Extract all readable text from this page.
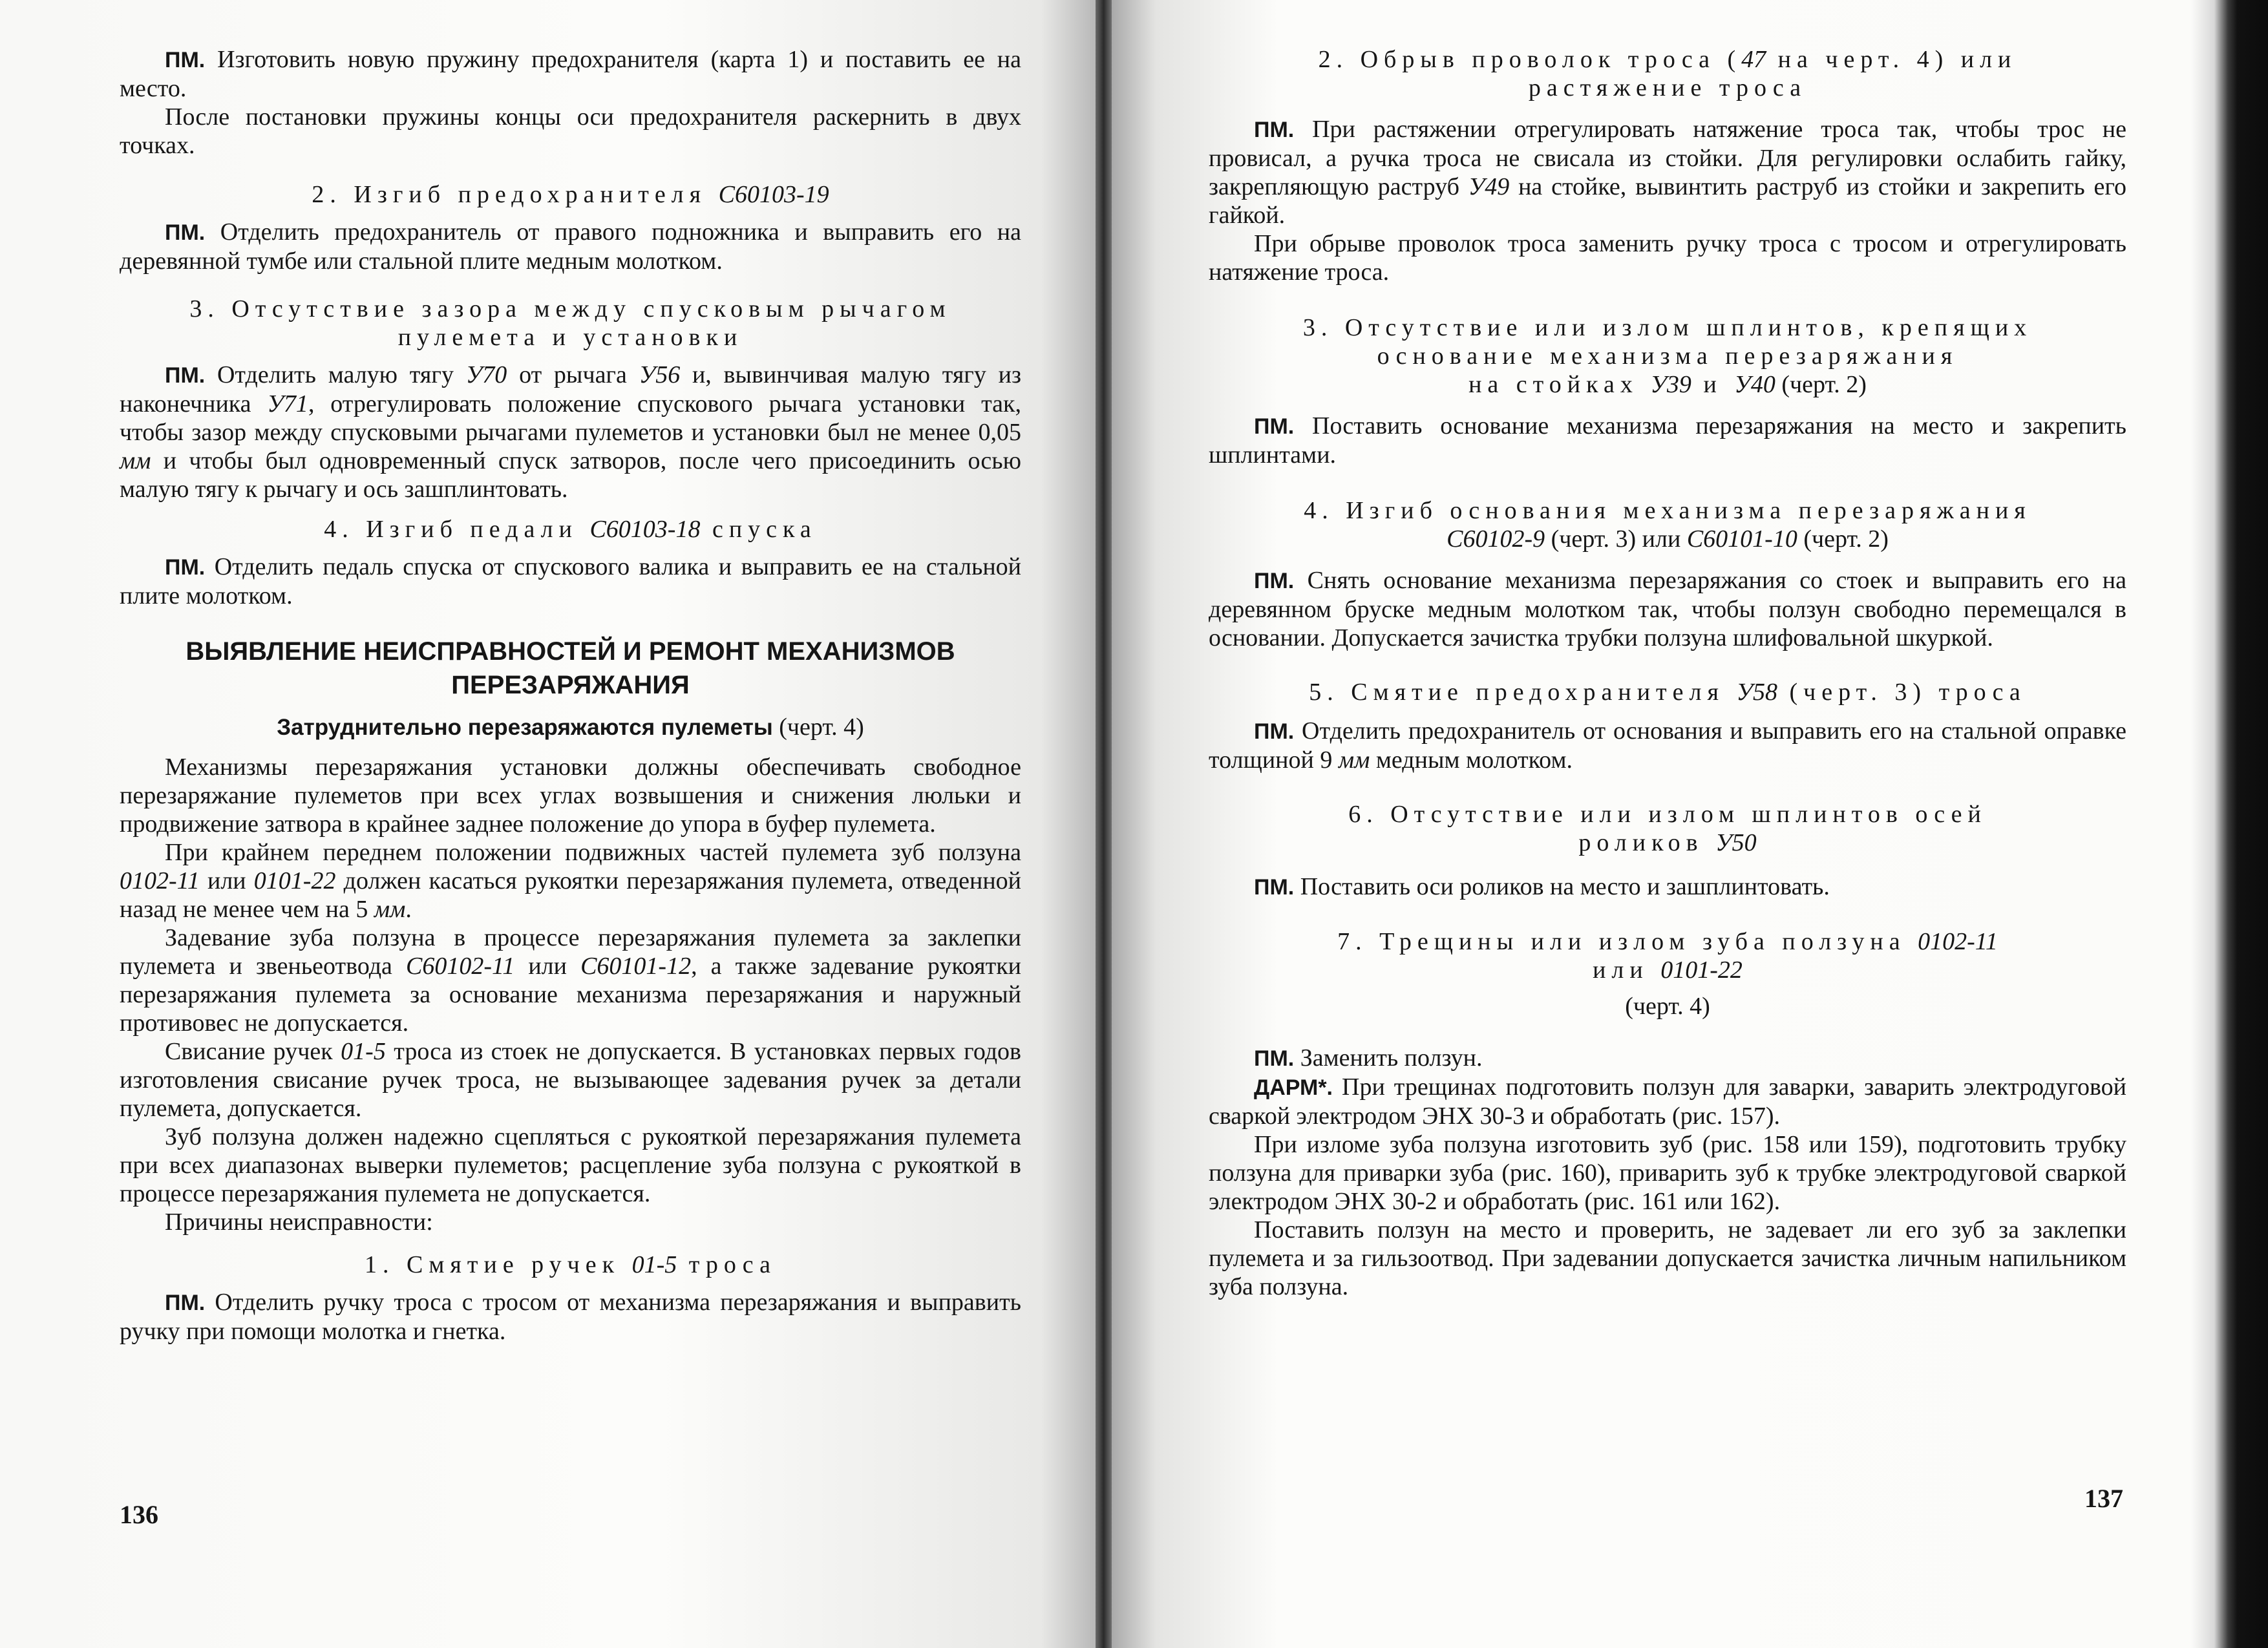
ПМ. Изготовить новую пружину предохранителя (карта 1) и поставить ее на место.

После постановки пружины концы оси предохранителя раскернить в двух точках.

2. Изгиб предохранителя С60103-19

ПМ. Отделить предохранитель от правого подножника и выправить его на деревянной тумбе или стальной плите медным молотком.

3. Отсутствие зазора между спусковым рычагом

пулемета и установки

ПМ. Отделить малую тягу У70 от рычага У56 и, вывинчивая малую тягу из наконечника У71, отрегулировать положение спускового рычага установки так, чтобы зазор между спусковыми рычагами пулеметов и установки был не менее 0,05 мм и чтобы был одновременный спуск затворов, после чего присоединить осью малую тягу к рычагу и ось зашплинтовать.

4. Изгиб педали С60103-18 спуска

ПМ. Отделить педаль спуска от спускового валика и выправить ее на стальной плите молотком.

ВЫЯВЛЕНИЕ НЕИСПРАВНОСТЕЙ И РЕМОНТ МЕХАНИЗМОВ

ПЕРЕЗАРЯЖАНИЯ

Затруднительно перезаряжаются пулеметы (черт. 4)

Механизмы перезаряжания установки должны обеспечивать свободное перезаряжание пулеметов при всех углах возвышения и снижения люльки и продвижение затвора в крайнее заднее положение до упора в буфер пулемета.

При крайнем переднем положении подвижных частей пулемета зуб ползуна 0102-11 или 0101-22 должен касаться рукоятки перезаряжания пулемета, отведенной назад не менее чем на 5 мм.

Задевание зуба ползуна в процессе перезаряжания пулемета за заклепки пулемета и звеньеотвода С60102-11 или С60101-12, а также задевание рукоятки перезаряжания пулемета за основание механизма перезаряжания и наружный противовес не допускается.

Свисание ручек 01-5 троса из стоек не допускается. В установках первых годов изготовления свисание ручек троса, не вызывающее задевания ручек за детали пулемета, допускается.

Зуб ползуна должен надежно сцепляться с рукояткой перезаряжания пулемета при всех диапазонах выверки пулеметов; расцепление зуба ползуна с рукояткой в процессе перезаряжания пулемета не допускается.

Причины неисправности:

1. Смятие ручек 01-5 троса

ПМ. Отделить ручку троса с тросом от механизма перезаряжания и выправить ручку при помощи молотка и гнетка.

136

2. Обрыв проволок троса (47 на черт. 4) или

растяжение троса

ПМ. При растяжении отрегулировать натяжение троса так, чтобы трос не провисал, а ручка троса не свисала из стойки. Для регулировки ослабить гайку, закрепляющую раструб У49 на стойке, вывинтить раструб из стойки и закрепить его гайкой.

При обрыве проволок троса заменить ручку троса с тросом и отрегулировать натяжение троса.

3. Отсутствие или излом шплинтов, крепящих

основание механизма перезаряжания

на стойках У39 и У40 (черт. 2)

ПМ. Поставить основание механизма перезаряжания на место и закрепить шплинтами.

4. Изгиб основания механизма перезаряжания

С60102-9 (черт. 3) или С60101-10 (черт. 2)

ПМ. Снять основание механизма перезаряжания со стоек и выправить его на деревянном бруске медным молотком так, чтобы ползун свободно перемещался в основании. Допускается зачистка трубки ползуна шлифовальной шкуркой.

5. Смятие предохранителя У58 (черт. 3) троса

ПМ. Отделить предохранитель от основания и выправить его на стальной оправке толщиной 9 мм медным молотком.

6. Отсутствие или излом шплинтов осей

роликов У50

ПМ. Поставить оси роликов на место и зашплинтовать.

7. Трещины или излом зуба ползуна 0102-11

или 0101-22

(черт. 4)

ПМ. Заменить ползун.

ДАРМ*. При трещинах подготовить ползун для заварки, заварить электродуговой сваркой электродом ЭНХ 30-3 и обработать (рис. 157).

При изломе зуба ползуна изготовить зуб (рис. 158 или 159), подготовить трубку ползуна для приварки зуба (рис. 160), приварить зуб к трубке электродуговой сваркой электродом ЭНХ 30-2 и обработать (рис. 161 или 162).

Поставить ползун на место и проверить, не задевает ли его зуб за заклепки пулемета и за гильзоотвод. При задевании допускается зачистка личным напильником зуба ползуна.

137
